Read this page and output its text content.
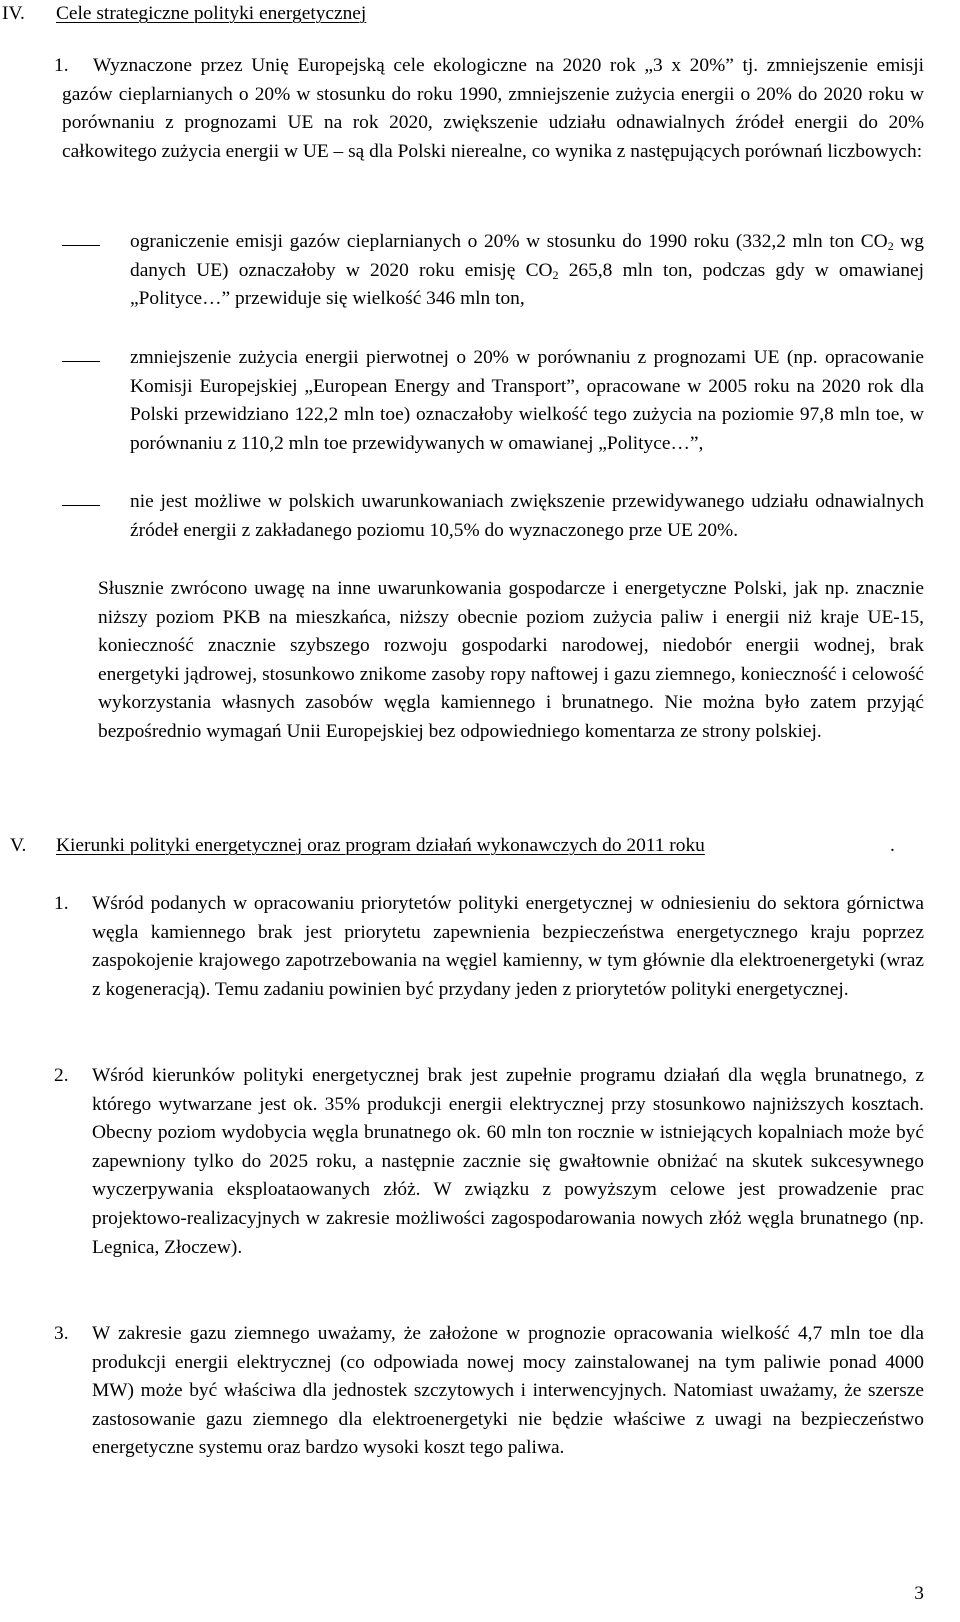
IV. Cele strategiczne polityki energetycznej
1.	Wyznaczone przez Unię Europejską cele ekologiczne na 2020 rok „3 x 20%” tj. zmniejszenie emisji gazów cieplarnianych o 20% w stosunku do roku 1990, zmniejszenie zużycia energii o 20% do 2020 roku w porównaniu z prognozami UE na rok 2020, zwiększenie udziału odnawialnych źródeł energii do 20% całkowitego zużycia energii w UE – są dla Polski nierealne, co wynika z następujących porównań liczbowych:

ograniczenie emisji gazów cieplarnianych o 20% w stosunku do 1990 roku (332,2 mln ton $CO_2$ wg danych UE) oznaczałoby w 2020 roku emisję $CO_2$ 265,8 mln ton, podczas gdy w omawianej „Polityce…” przewiduje się wielkość 346 mln ton,

zmniejszenie zużycia energii pierwotnej o 20% w porównaniu z prognozami UE (np. opracowanie Komisji Europejskiej „European Energy and Transport”, opracowane w 2005 roku na 2020 rok dla Polski przewidziano 122,2 mln toe) oznaczałoby wielkość tego zużycia na poziomie 97,8 mln toe, w porównaniu z 110,2 mln toe przewidywanych w omawianej „Polityce…”,

nie jest możliwe w polskich uwarunkowaniach zwiększenie przewidywanego udziału odnawialnych źródeł energii z zakładanego poziomu 10,5% do wyznaczonego prze UE 20%.

Słusznie zwrócono uwagę na inne uwarunkowania gospodarcze i energetyczne Polski, jak np. znacznie niższy poziom PKB na mieszkańca, niższy obecnie poziom zużycia paliw i energii niż kraje UE-15, konieczność znacznie szybszego rozwoju gospodarki narodowej, niedobór energii wodnej, brak energetyki jądrowej, stosunkowo znikome zasoby ropy naftowej i gazu ziemnego, konieczność i celowość wykorzystania własnych zasobów węgla kamiennego i brunatnego. Nie można było zatem przyjąć bezpośrednio wymagań Unii Europejskiej bez odpowiedniego komentarza ze strony polskiej.

V. Kierunki polityki energetycznej oraz program działań wykonawczych do 2011 roku	.
1. Wśród podanych w opracowaniu priorytetów polityki energetycznej w odniesieniu do sektora górnictwa węgla kamiennego brak jest priorytetu zapewnienia bezpieczeństwa energetycznego kraju poprzez zaspokojenie krajowego zapotrzebowania na węgiel kamienny, w tym głównie dla elektroenergetyki (wraz z kogeneracją). Temu zadaniu powinien być przydany jeden z priorytetów polityki energetycznej.

2. Wśród kierunków polityki energetycznej brak jest zupełnie programu działań dla węgla brunatnego, z którego wytwarzane jest ok. 35% produkcji energii elektrycznej przy stosunkowo najniższych kosztach. Obecny poziom wydobycia węgla brunatnego ok. 60 mln ton rocznie w istniejących kopalniach może być zapewniony tylko do 2025 roku, a następnie zacznie się gwałtownie obniżać na skutek sukcesywnego wyczerpywania eksploataowanych złóż. W związku z powyższym celowe jest prowadzenie prac projektowo-realizacyjnych w zakresie możliwości zagospodarowania nowych złóż węgla brunatnego (np. Legnica, Złoczew).

3. W zakresie gazu ziemnego uważamy, że założone w prognozie opracowania wielkość 4,7 mln toe dla produkcji energii elektrycznej (co odpowiada nowej mocy zainstalowanej na tym paliwie ponad 4000 MW) może być właściwa dla jednostek szczytowych i interwencyjnych. Natomiast uważamy, że szersze zastosowanie gazu ziemnego dla elektroenergetyki nie będzie właściwe z uwagi na bezpieczeństwo energetyczne systemu oraz bardzo wysoki koszt tego paliwa.

3
